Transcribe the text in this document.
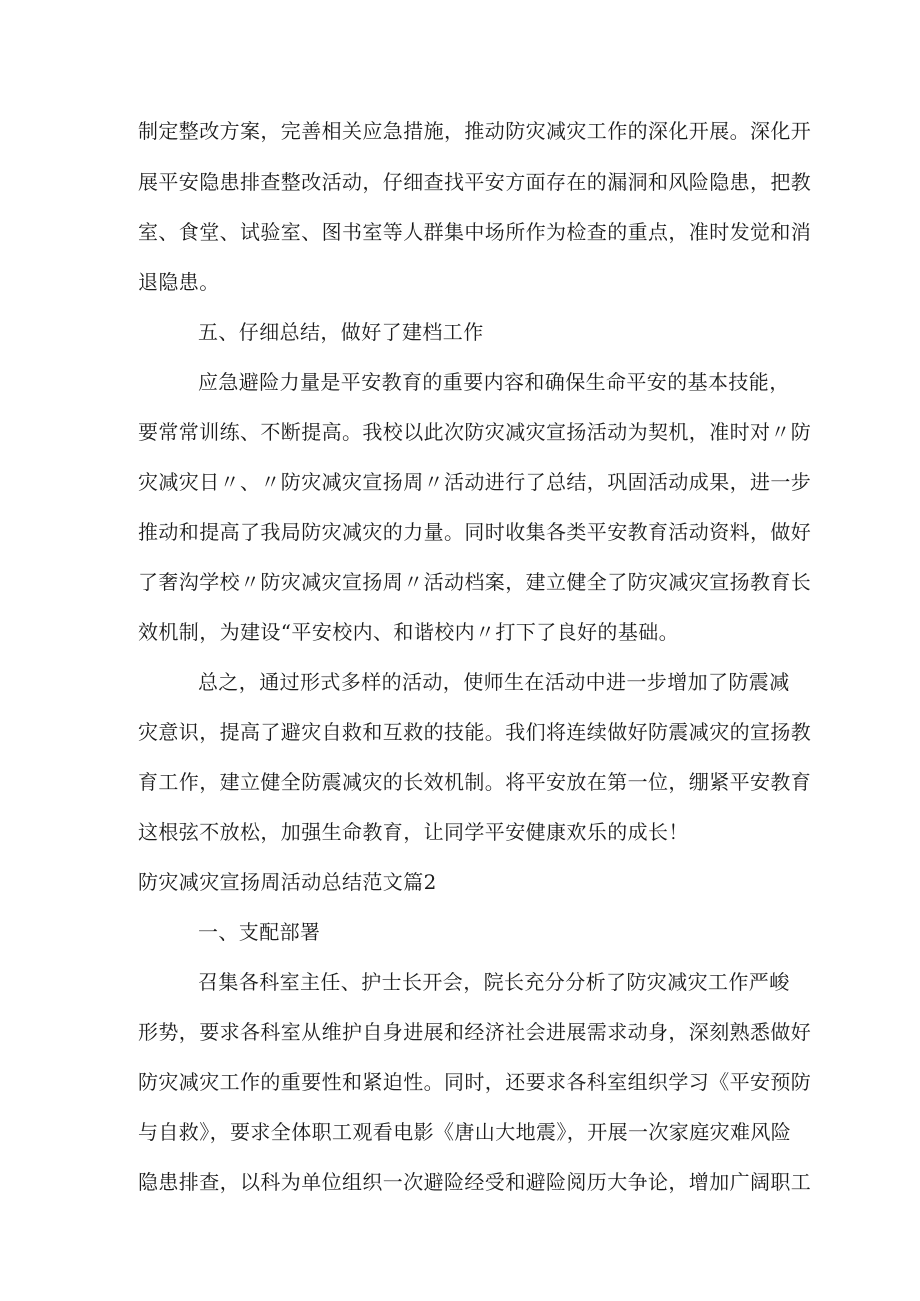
制定整改方案，完善相关应急措施，推动防灾减灾工作的深化开展。深化开
展平安隐患排查整改活动，仔细查找平安方面存在的漏洞和风险隐患，把教
室、食堂、试验室、图书室等人群集中场所作为检查的重点，准时发觉和消
退隐患。
五、仔细总结，做好了建档工作
应急避险力量是平安教育的重要内容和确保生命平安的基本技能，
要常常训练、不断提高。我校以此次防灾减灾宣扬活动为契机，准时对〃防
灾减灾日〃、〃防灾减灾宣扬周〃活动进行了总结，巩固活动成果，进一步
推动和提高了我局防灾减灾的力量。同时收集各类平安教育活动资料，做好
了奢沟学校〃防灾减灾宣扬周〃活动档案，建立健全了防灾减灾宣扬教育长
效机制，为建设“平安校内、和谐校内〃打下了良好的基础。
总之，通过形式多样的活动，使师生在活动中进一步增加了防震减
灾意识，提高了避灾自救和互救的技能。我们将连续做好防震减灾的宣扬教
育工作，建立健全防震减灾的长效机制。将平安放在第一位，绷紧平安教育
这根弦不放松，加强生命教育，让同学平安健康欢乐的成长！
防灾减灾宣扬周活动总结范文篇2
一、支配部署
召集各科室主任、护士长开会，院长充分分析了防灾减灾工作严峻
形势，要求各科室从维护自身进展和经济社会进展需求动身，深刻熟悉做好
防灾减灾工作的重要性和紧迫性。同时，还要求各科室组织学习《平安预防
与自救》，要求全体职工观看电影《唐山大地震》，开展一次家庭灾难风险
隐患排查，以科为单位组织一次避险经受和避险阅历大争论，增加广阔职工
